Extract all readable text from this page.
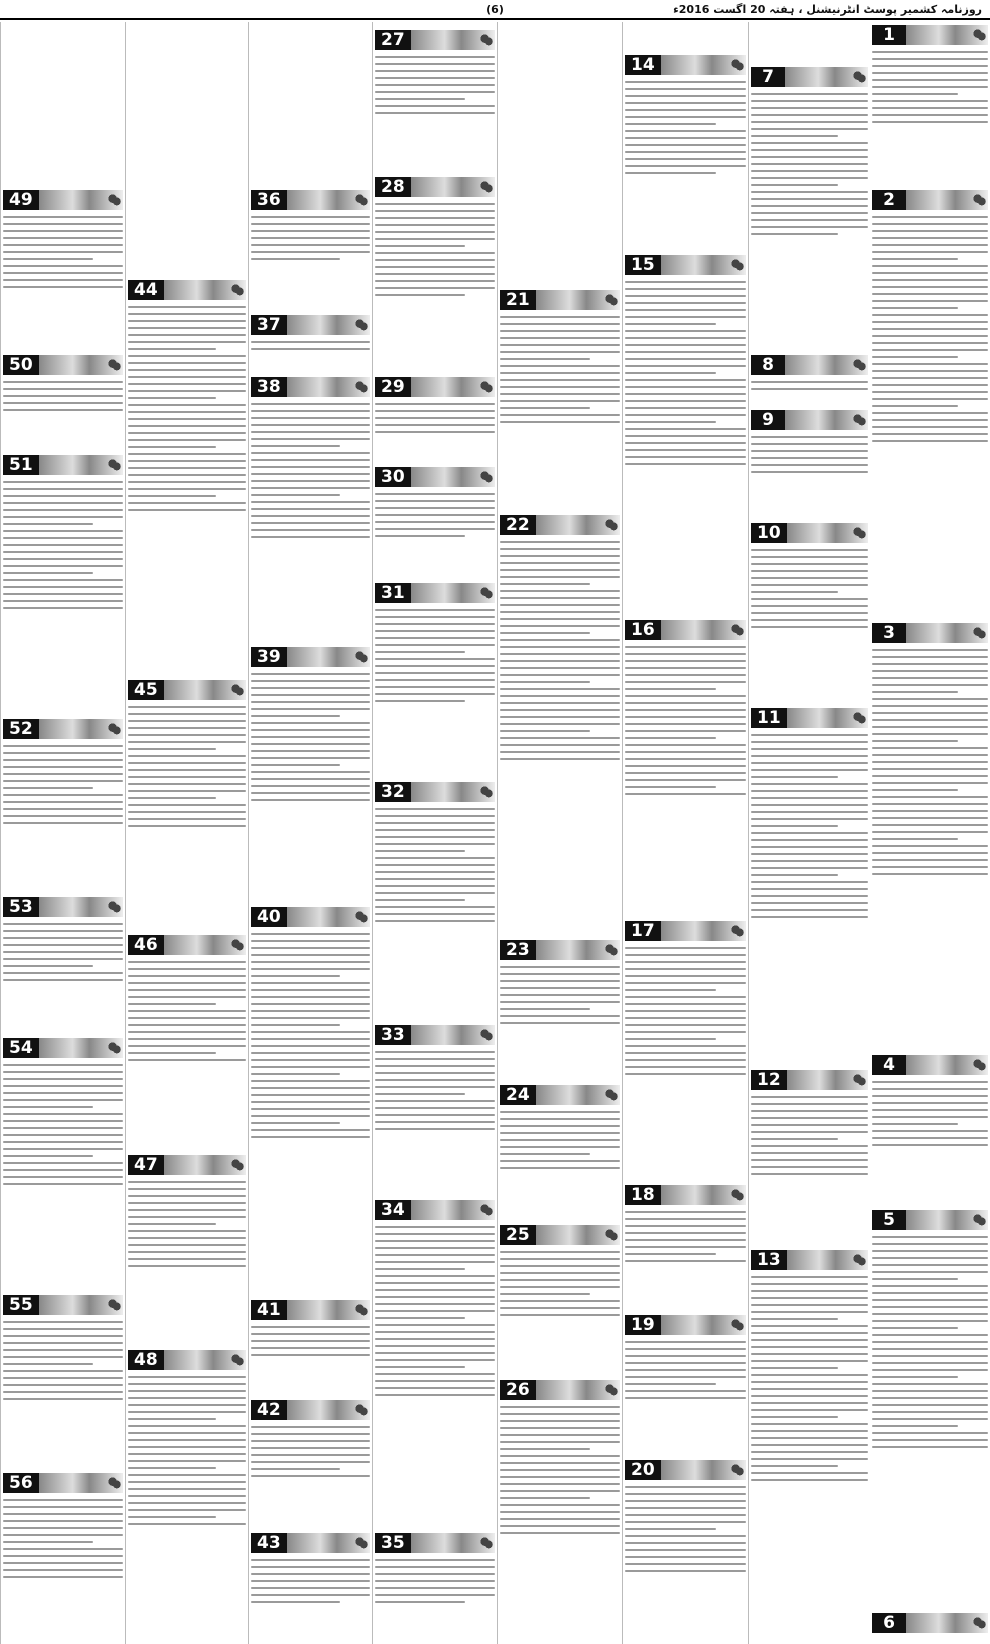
(6)	روزنامہ کشمیر پوسٹ انٹرنیشنل ، ہفتہ 20 اگست 2016ء
1
2
3
4
5
6
7
8
9
10
11
12
13
14
15
16
17
18
19
20
21
22
23
24
25
26
27
28
29
30
31
32
33
34
35
36
37
38
39
40
41
42
43
44
45
46
47
48
49
50
51
52
53
54
55
56
